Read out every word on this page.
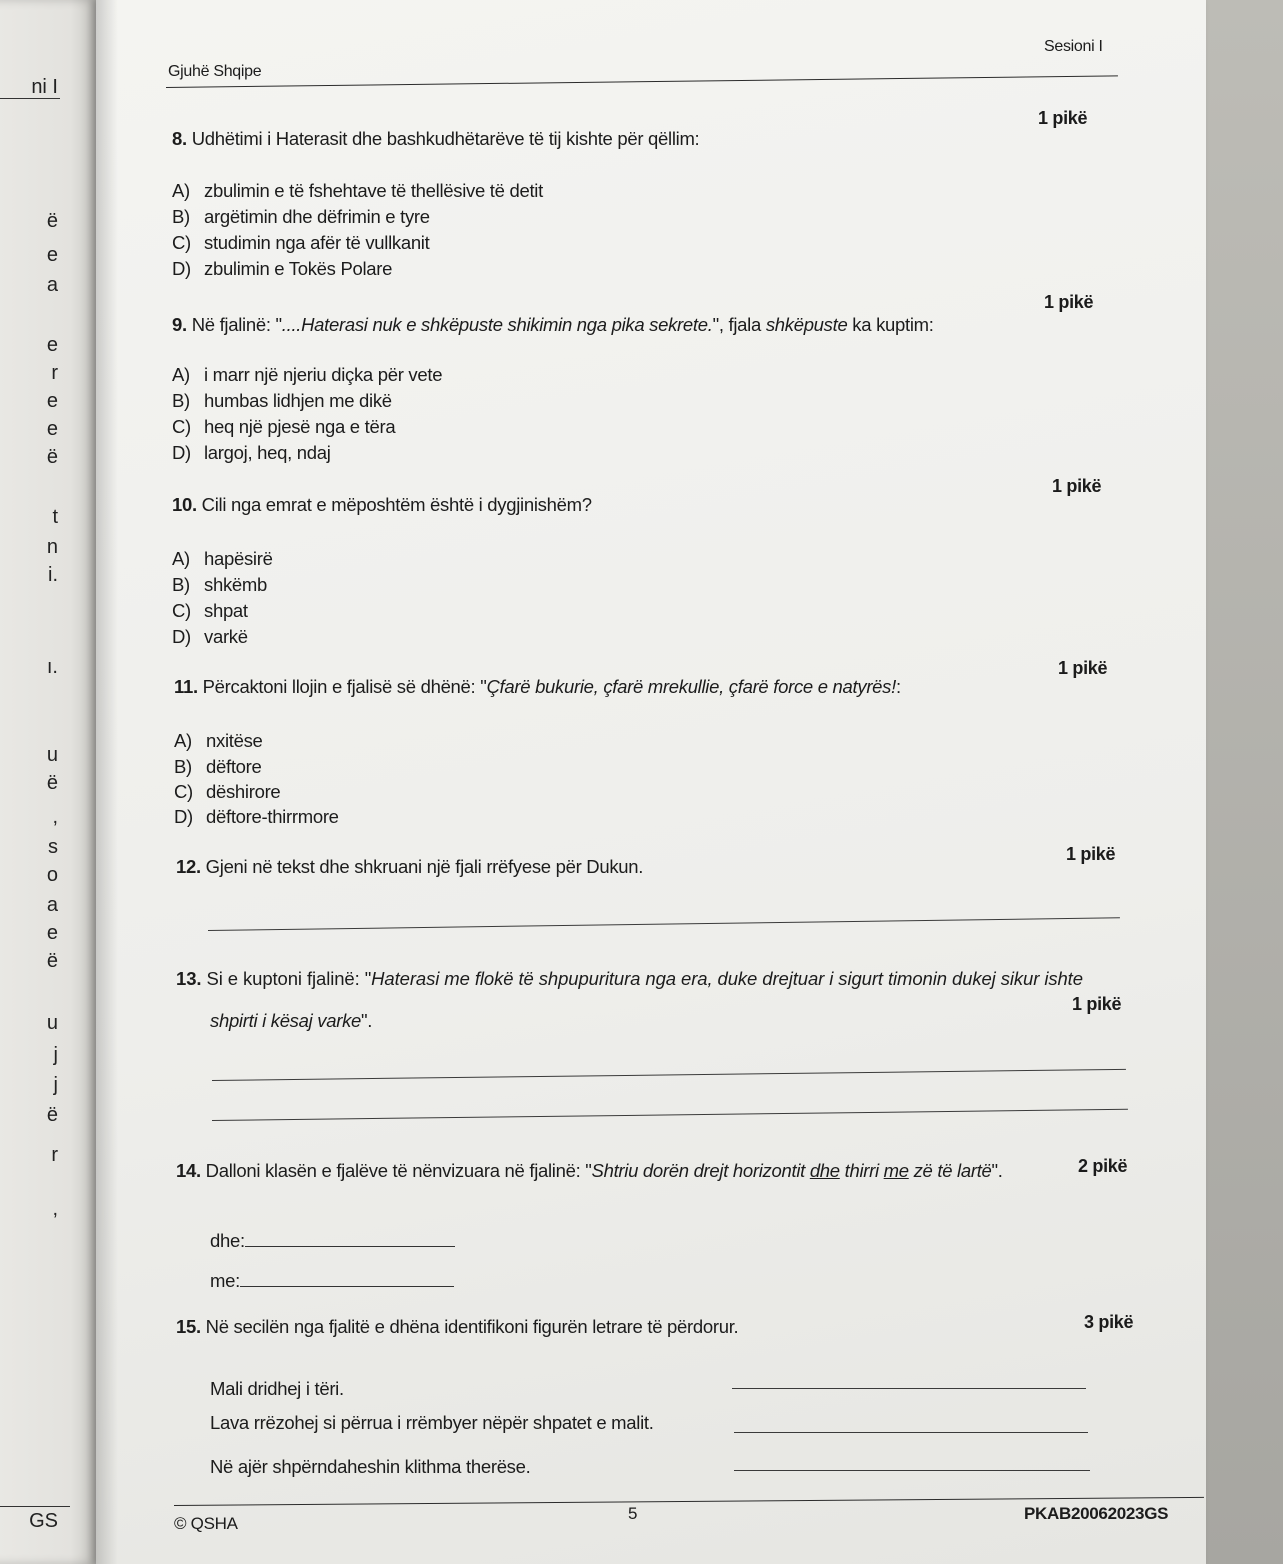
ni I
ë
e
a
e
r
e
e
ë
t
n
i.
ı.
u
ë
,
s
o
a
e
ë
u
j
j
ë
r
,
GS
Gjuhë Shqipe
Sesioni I
8. Udhëtimi i Haterasit dhe bashkudhëtarëve të tij kishte për qëllim:
1 pikë
A) zbulimin e të fshehtave të thellësive të detit
B) argëtimin dhe dëfrimin e tyre
C) studimin nga afër të vullkanit
D) zbulimin e Tokës Polare
9. Në fjalinë: "....Haterasi nuk e shkëpuste shikimin nga pika sekrete.", fjala shkëpuste ka kuptim:
1 pikë
A) i marr një njeriu diçka për vete
B) humbas lidhjen me dikë
C) heq një pjesë nga e tëra
D) largoj, heq, ndaj
10. Cili nga emrat e mëposhtëm është i dygjinishëm?
1 pikë
A) hapësirë
B) shkëmb
C) shpat
D) varkë
11. Përcaktoni llojin e fjalisë së dhënë: "Çfarë bukurie, çfarë mrekullie, çfarë force e natyrës!:
1 pikë
A) nxitëse
B) dëftore
C) dëshirore
D) dëftore-thirrmore
12. Gjeni në tekst dhe shkruani një fjali rrëfyese për Dukun.
1 pikë
13. Si e kuptoni fjalinë: "Haterasi me flokë të shpupuritura nga era, duke drejtuar i sigurt timonin dukej sikur ishte
shpirti i kësaj varke".
1 pikë
14. Dalloni klasën e fjalëve të nënvizuara në fjalinë: "Shtriu dorën drejt horizontit dhe thirri me zë të lartë".	2 pikë
dhe:
me:
15. Në secilën nga fjalitë e dhëna identifikoni figurën letrare të përdorur.	3 pikë
Mali dridhej i tëri.
Lava rrëzohej si përrua i rrëmbyer nëpër shpatet e malit.
Në ajër shpërndaheshin klithma therëse.
© QSHA
5	PKAB20062023GS
